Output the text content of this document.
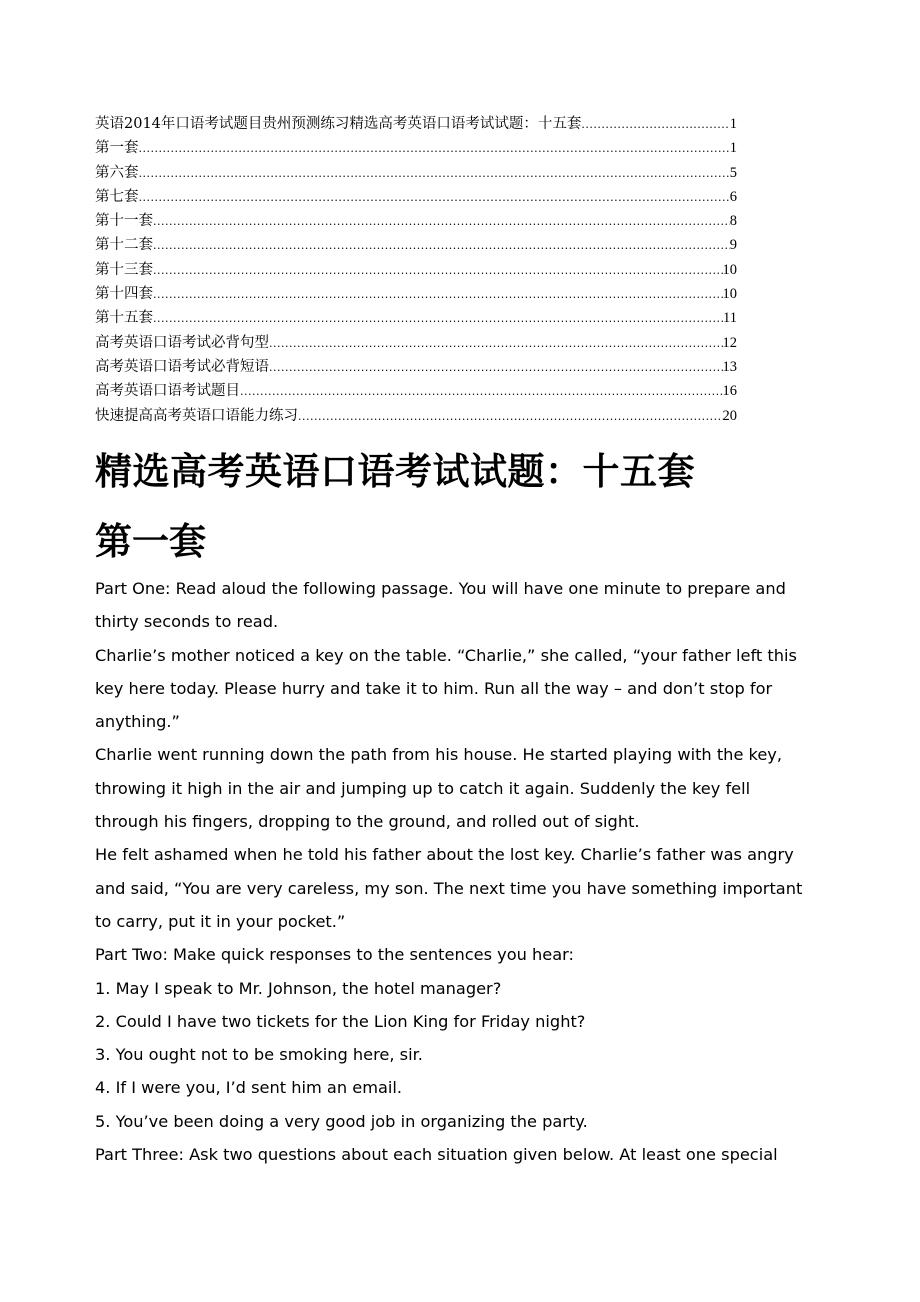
英语2014年口语考试题目贵州预测练习精选高考英语口语考试试题：十五套 .....	1
第一套 .....	1
第六套 .....	5
第七套 .....	6
第十一套 .....	8
第十二套 .....	9
第十三套 .....	10
第十四套 .....	10
第十五套 .....	11
高考英语口语考试必背句型 .....	12
高考英语口语考试必背短语 .....	13
高考英语口语考试题目 .....	16
快速提高高考英语口语能力练习 .....	20
精选高考英语口语考试试题：十五套
第一套
Part One: Read aloud the following passage. You will have one minute to prepare and
thirty seconds to read.
Charlie’s mother noticed a key on the table. “Charlie,” she called, “your father left this
key here today. Please hurry and take it to him. Run all the way – and don’t stop for
anything.”
Charlie went running down the path from his house. He started playing with the key,
throwing it high in the air and jumping up to catch it again. Suddenly the key fell
through his fingers, dropping to the ground, and rolled out of sight.
He felt ashamed when he told his father about the lost key. Charlie’s father was angry
and said, “You are very careless, my son. The next time you have something important
to carry, put it in your pocket.”
Part Two: Make quick responses to the sentences you hear:
1. May I speak to Mr. Johnson, the hotel manager?
2. Could I have two tickets for the Lion King for Friday night?
3. You ought not to be smoking here, sir.
4. If I were you, I’d sent him an email.
5. You’ve been doing a very good job in organizing the party.
Part Three: Ask two questions about each situation given below. At least one special
